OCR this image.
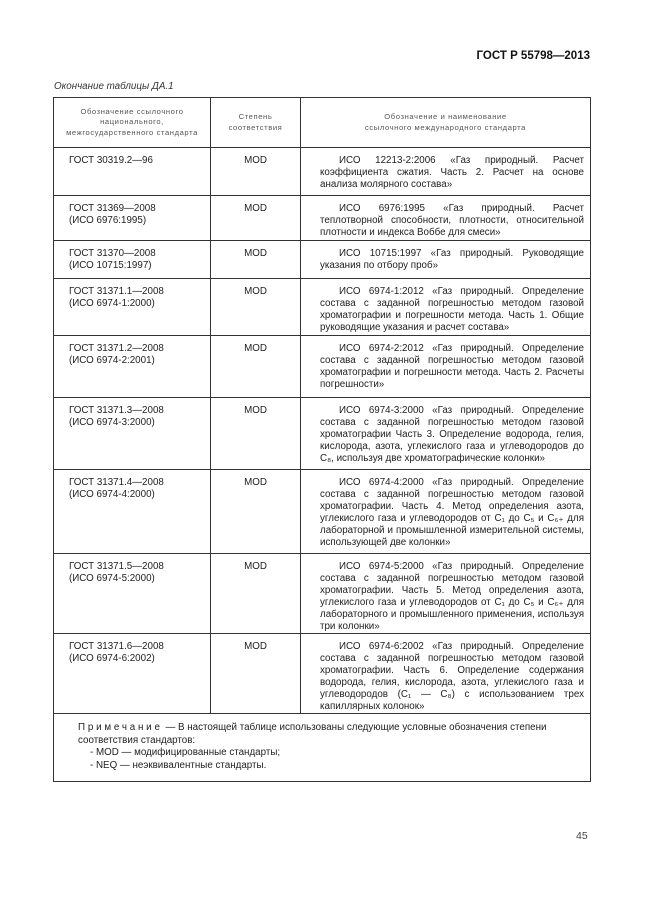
ГОСТ Р 55798—2013
Окончание таблицы ДА.1
Обозначение ссылочного национального, межгосударственного стандарта	Степень соответствия	Обозначение и наименование ссылочного международного стандарта

ГОСТ 30319.2—96	MOD	ИСО 12213-2:2006 «Газ природный. Расчет коэффициента сжатия. Часть 2. Расчет на основе анализа молярного состава»

ГОСТ 31369—2008
(ИСО 6976:1995)	MOD	ИСО 6976:1995 «Газ природный. Расчет теплотворной способности, плотности, относительной плотности и индекса Воббе для смеси»

ГОСТ 31370—2008
(ИСО 10715:1997)	MOD	ИСО 10715:1997 «Газ природный. Руководящие указания по отбору проб»

ГОСТ 31371.1—2008
(ИСО 6974-1:2000)	MOD	ИСО 6974-1:2012 «Газ природный. Определение состава с заданной погрешностью методом газовой хроматографии и погрешности метода. Часть 1. Общие руководящие указания и расчет состава»

ГОСТ 31371.2—2008
(ИСО 6974-2:2001)	MOD	ИСО 6974-2:2012 «Газ природный. Определение состава с заданной погрешностью методом газовой хроматографии и погрешности метода. Часть 2. Расчеты погрешности»

ГОСТ 31371.3—2008
(ИСО 6974-3:2000)	MOD	ИСО 6974-3:2000 «Газ природный. Определение состава с заданной погрешностью методом газовой хроматографии Часть 3. Определение водорода, гелия, кислорода, азота, углекислого газа и углеводородов до C₈, используя две хроматографические колонки»

ГОСТ 31371.4—2008
(ИСО 6974-4:2000)	MOD	ИСО 6974-4:2000 «Газ природный. Определение состава с заданной погрешностью методом газовой хроматографии. Часть 4. Метод определения азота, углекислого газа и углеводородов от C₁ до C₅ и C₆₊ для лабораторной и промышленной измерительной системы, использующей две колонки»

ГОСТ 31371.5—2008
(ИСО 6974-5:2000)	MOD	ИСО 6974-5:2000 «Газ природный. Определение состава с заданной погрешностью методом газовой хроматографии. Часть 5. Метод определения азота, углекислого газа и углеводородов от C₁ до C₅ и C₆₊ для лабораторного и промышленного применения, используя три колонки»

ГОСТ 31371.6—2008
(ИСО 6974-6:2002)	MOD	ИСО 6974-6:2002 «Газ природный. Определение состава с заданной погрешностью методом газовой хроматографии. Часть 6. Определение содержания водорода, гелия, кислорода, азота, углекислого газа и углеводородов (C₁ — C₈) с использованием трех капиллярных колонок»

Примечание — В настоящей таблице использованы следующие условные обозначения степени соответствия стандартов:
- MOD — модифицированные стандарты;
- NEQ — неэквивалентные стандарты.		
45
